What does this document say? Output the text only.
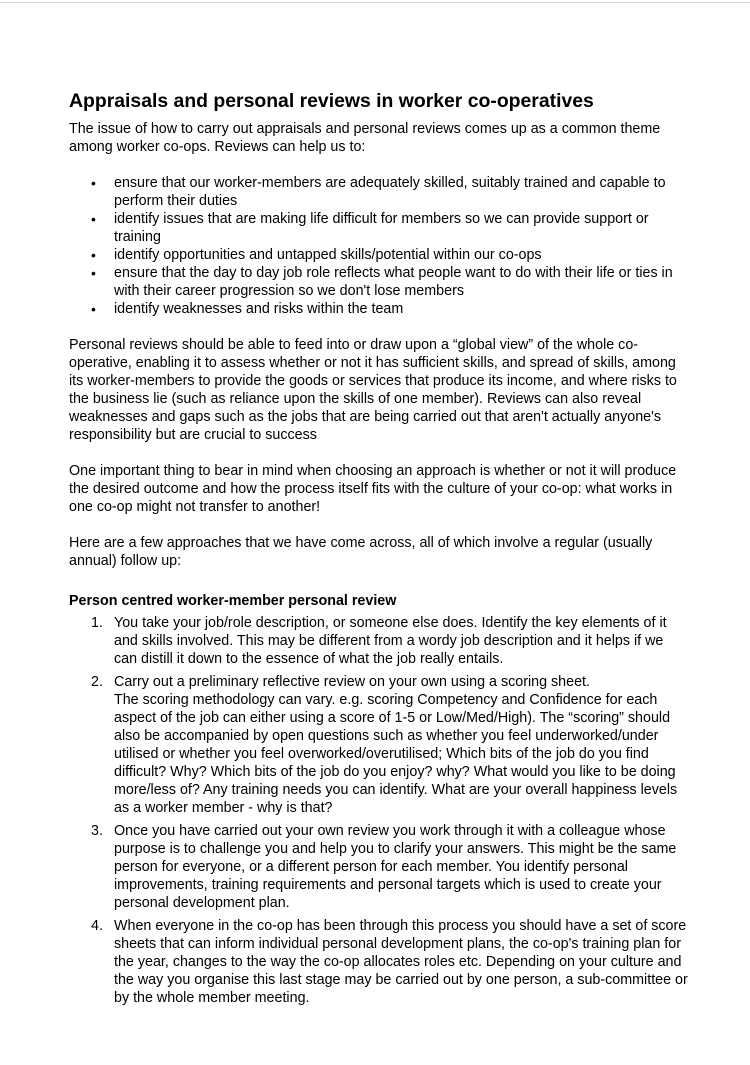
Appraisals and personal reviews in worker co-operatives

The issue of how to carry out appraisals and personal reviews comes up as a common theme among worker co-ops. Reviews can help us to:

• ensure that our worker-members are adequately skilled, suitably trained and capable to perform their duties
• identify issues that are making life difficult for members so we can provide support or training
• identify opportunities and untapped skills/potential within our co-ops
• ensure that the day to day job role reflects what people want to do with their life or ties in with their career progression so we don't lose members
• identify weaknesses and risks within the team

Personal reviews should be able to feed into or draw upon a “global view” of the whole co-operative, enabling it to assess whether or not it has sufficient skills, and spread of skills, among its worker-members to provide the goods or services that produce its income, and where risks to the business lie (such as reliance upon the skills of one member). Reviews can also reveal weaknesses and gaps such as the jobs that are being carried out that aren't actually anyone's responsibility but are crucial to success

One important thing to bear in mind when choosing an approach is whether or not it will produce the desired outcome and how the process itself fits with the culture of your co-op: what works in one co-op might not transfer to another!

Here are a few approaches that we have come across, all of which involve a regular (usually annual) follow up:

Person centred worker-member personal review
1. You take your job/role description, or someone else does. Identify the key elements of it and skills involved. This may be different from a wordy job description and it helps if we can distill it down to the essence of what the job really entails.
2. Carry out a preliminary reflective review on your own using a scoring sheet.
The scoring methodology can vary. e.g. scoring Competency and Confidence for each aspect of the job can either using a score of 1-5 or Low/Med/High). The “scoring” should also be accompanied by open questions such as whether you feel underworked/under utilised or whether you feel overworked/overutilised; Which bits of the job do you find difficult? Why? Which bits of the job do you enjoy? why? What would you like to be doing more/less of? Any training needs you can identify. What are your overall happiness levels as a worker member - why is that?
3. Once you have carried out your own review you work through it with a colleague whose purpose is to challenge you and help you to clarify your answers. This might be the same person for everyone, or a different person for each member. You identify personal improvements, training requirements and personal targets which is used to create your personal development plan.
4. When everyone in the co-op has been through this process you should have a set of score sheets that can inform individual personal development plans, the co-op's training plan for the year, changes to the way the co-op allocates roles etc. Depending on your culture and the way you organise this last stage may be carried out by one person, a sub-committee or by the whole member meeting.
